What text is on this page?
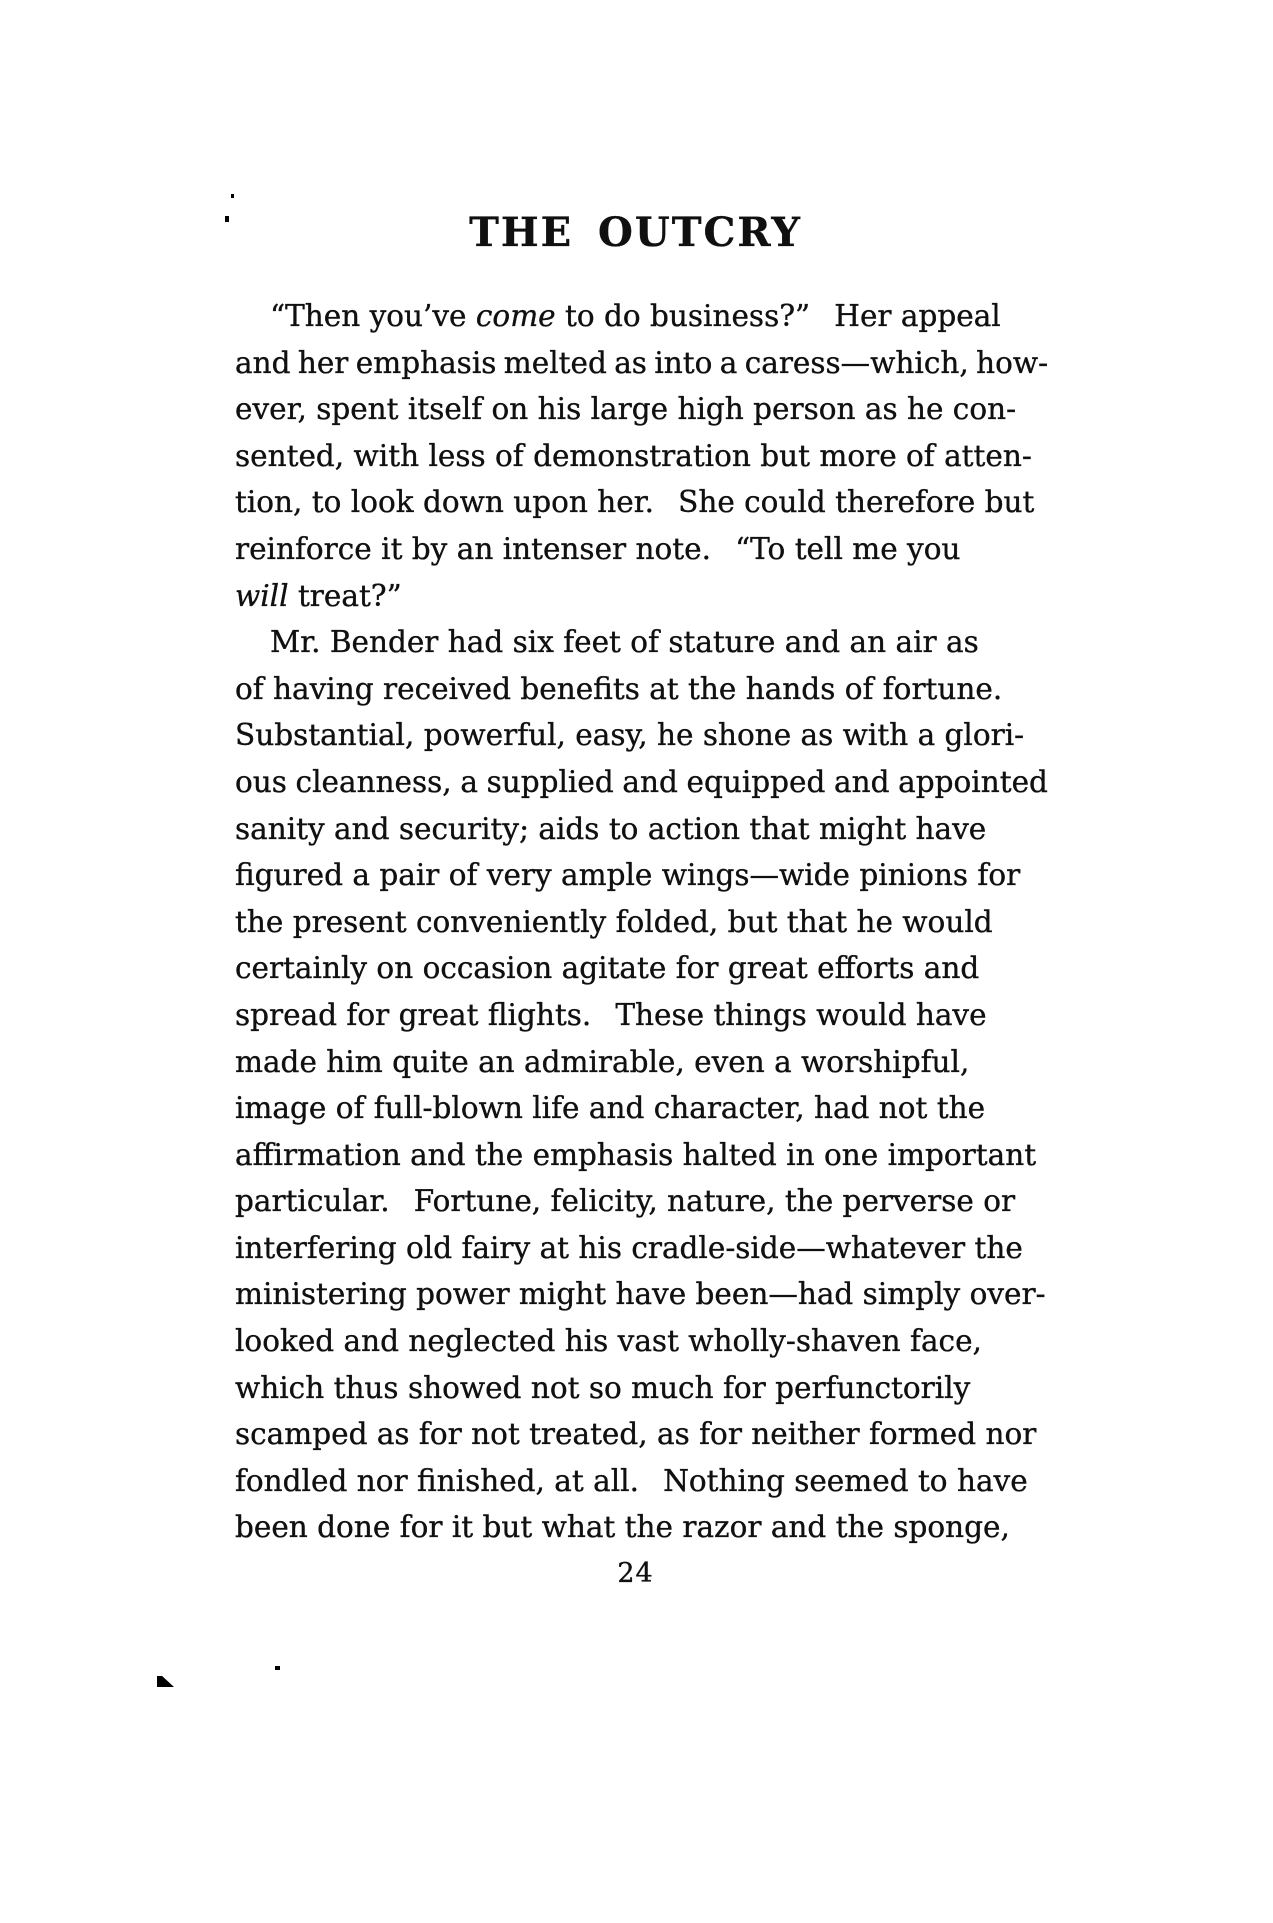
THE OUTCRY
“Then you’ve come to do business?”  Her appeal
and her emphasis melted as into a caress—which, how-
ever, spent itself on his large high person as he con-
sented, with less of demonstration but more of atten-
tion, to look down upon her.  She could therefore but
reinforce it by an intenser note.  “To tell me you
will treat?”
Mr. Bender had six feet of stature and an air as
of having received benefits at the hands of fortune.
Substantial, powerful, easy, he shone as with a glori-
ous cleanness, a supplied and equipped and appointed
sanity and security; aids to action that might have
figured a pair of very ample wings—wide pinions for
the present conveniently folded, but that he would
certainly on occasion agitate for great efforts and
spread for great flights.  These things would have
made him quite an admirable, even a worshipful,
image of full-blown life and character, had not the
affirmation and the emphasis halted in one important
particular.  Fortune, felicity, nature, the perverse or
interfering old fairy at his cradle-side—whatever the
ministering power might have been—had simply over-
looked and neglected his vast wholly-shaven face,
which thus showed not so much for perfunctorily
scamped as for not treated, as for neither formed nor
fondled nor finished, at all.  Nothing seemed to have
been done for it but what the razor and the sponge,
24
